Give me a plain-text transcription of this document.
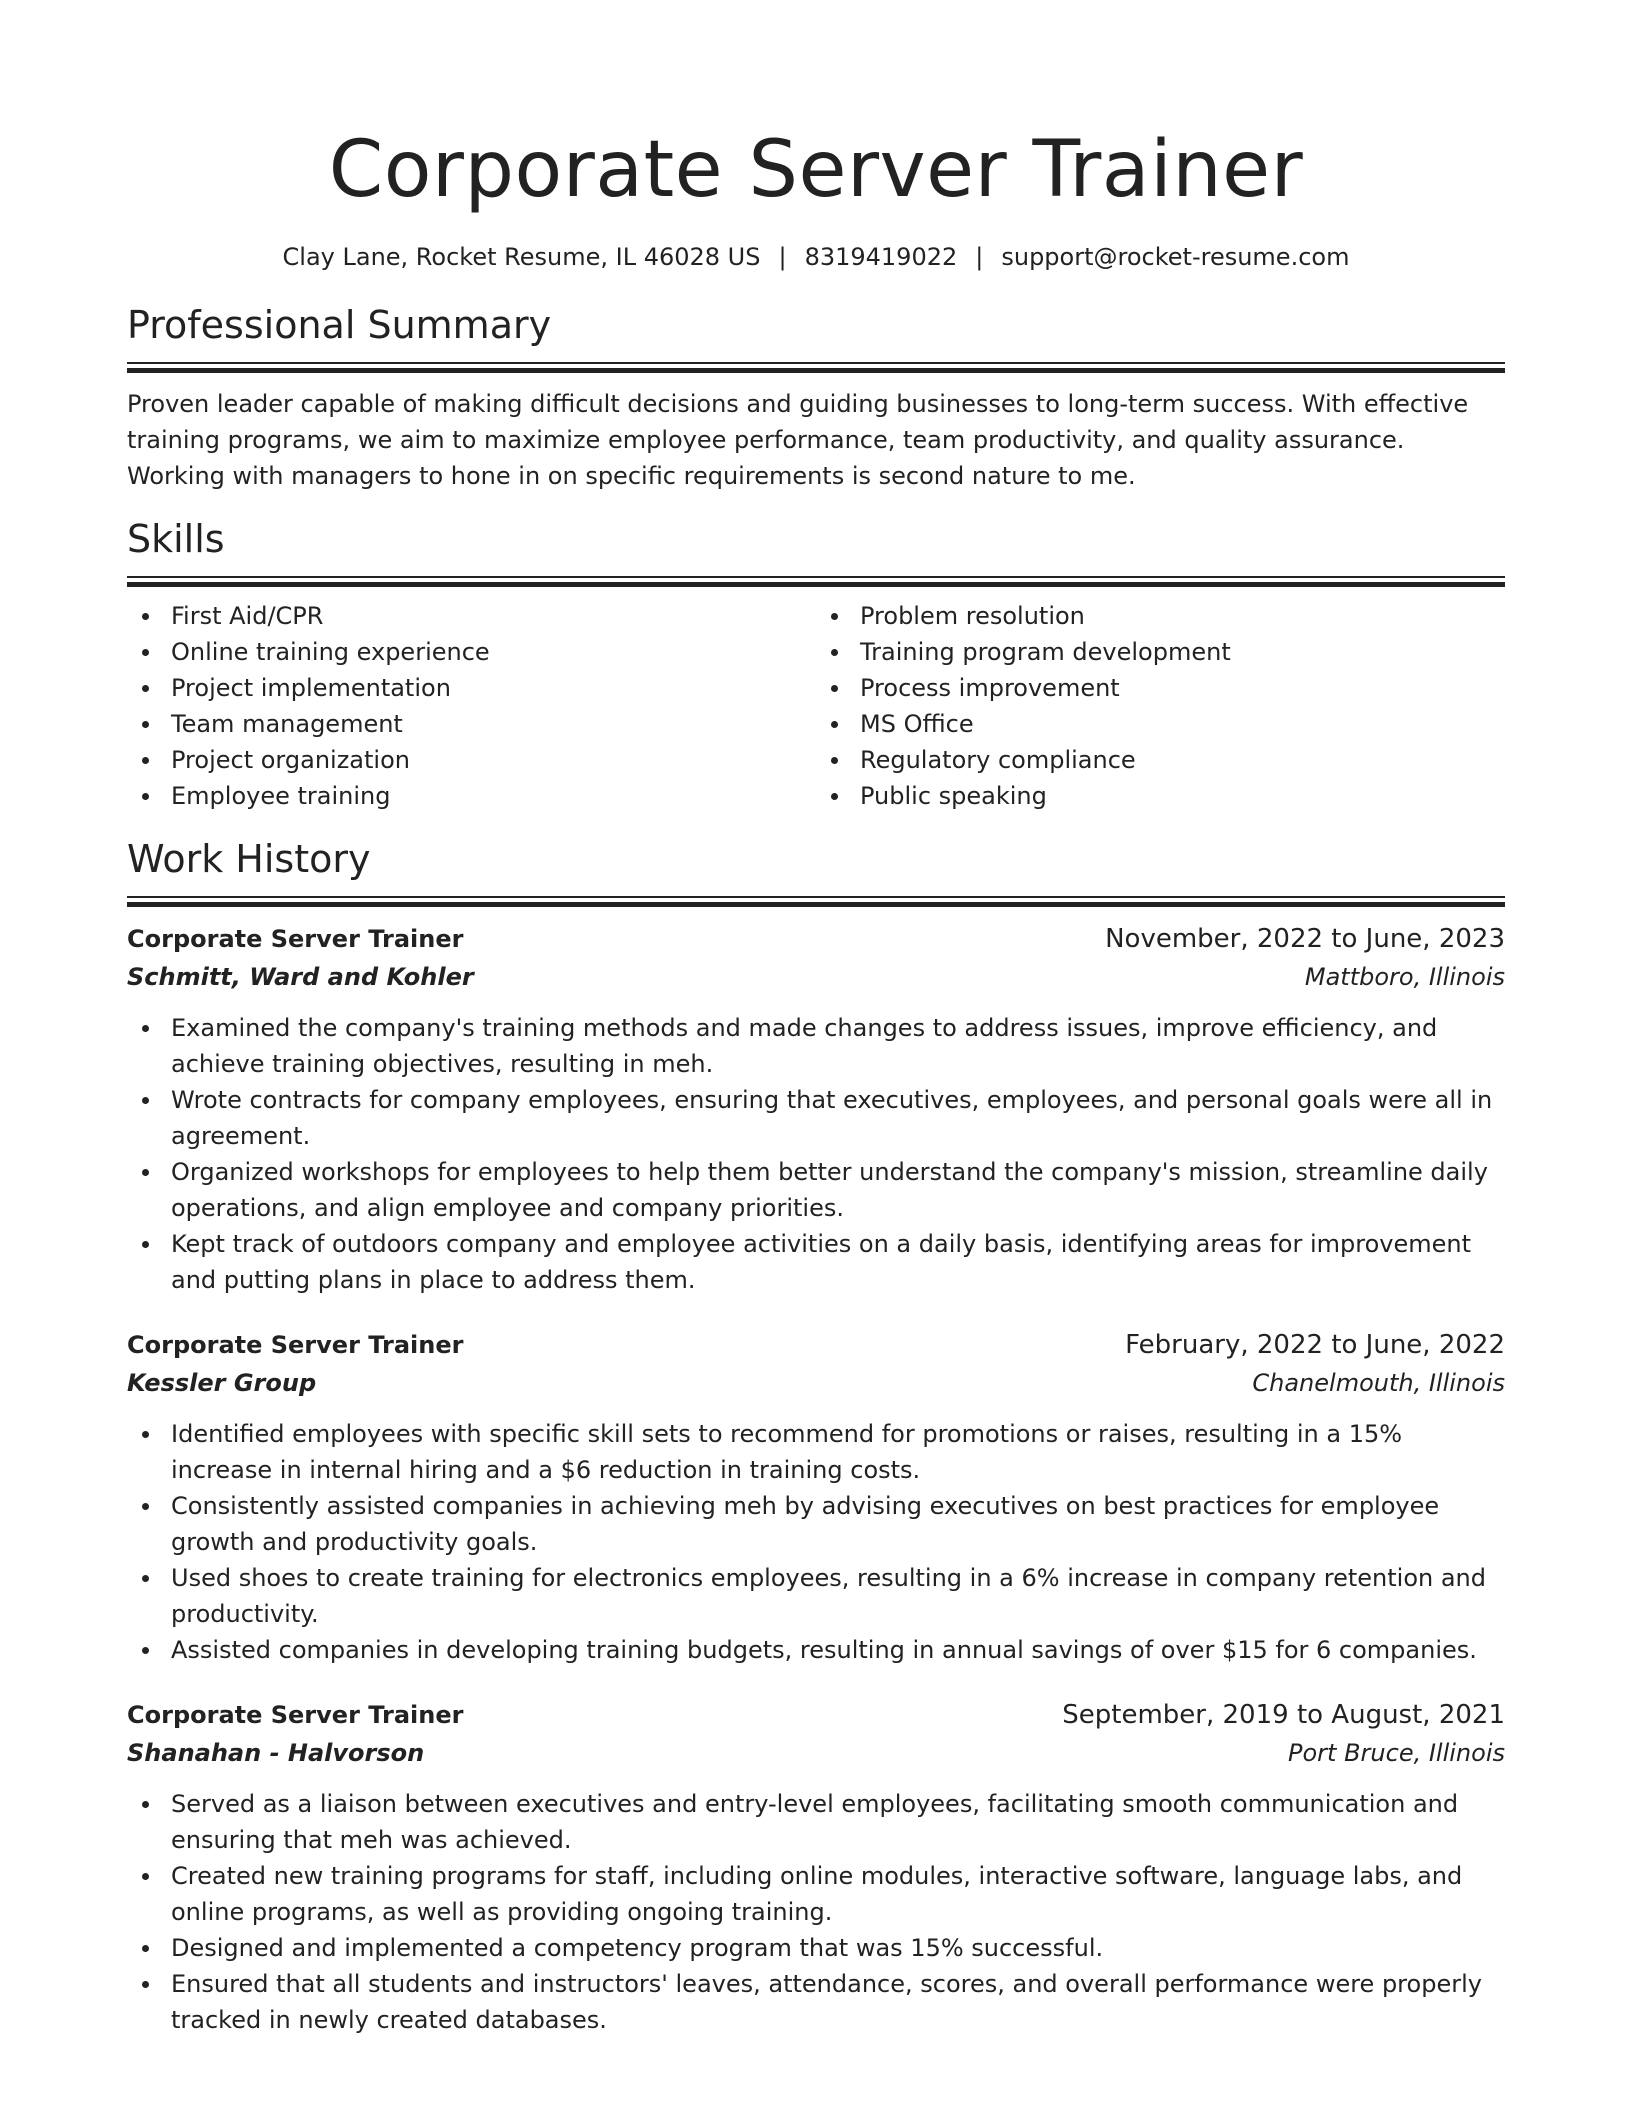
Corporate Server Trainer
Clay Lane, Rocket Resume, IL 46028 US | 8319419022 | support@rocket-resume.com
Professional Summary
Proven leader capable of making difficult decisions and guiding businesses to long-term success. With effective training programs, we aim to maximize employee performance, team productivity, and quality assurance. Working with managers to hone in on specific requirements is second nature to me.
Skills
First Aid/CPR
Online training experience
Project implementation
Team management
Project organization
Employee training
Problem resolution
Training program development
Process improvement
MS Office
Regulatory compliance
Public speaking
Work History
Corporate Server Trainer	November, 2022 to June, 2023
Schmitt, Ward and Kohler	Mattboro, Illinois
Examined the company's training methods and made changes to address issues, improve efficiency, and achieve training objectives, resulting in meh.
Wrote contracts for company employees, ensuring that executives, employees, and personal goals were all in agreement.
Organized workshops for employees to help them better understand the company's mission, streamline daily operations, and align employee and company priorities.
Kept track of outdoors company and employee activities on a daily basis, identifying areas for improvement and putting plans in place to address them.
Corporate Server Trainer	February, 2022 to June, 2022
Kessler Group	Chanelmouth, Illinois
Identified employees with specific skill sets to recommend for promotions or raises, resulting in a 15% increase in internal hiring and a $6 reduction in training costs.
Consistently assisted companies in achieving meh by advising executives on best practices for employee growth and productivity goals.
Used shoes to create training for electronics employees, resulting in a 6% increase in company retention and productivity.
Assisted companies in developing training budgets, resulting in annual savings of over $15 for 6 companies.
Corporate Server Trainer	September, 2019 to August, 2021
Shanahan - Halvorson	Port Bruce, Illinois
Served as a liaison between executives and entry-level employees, facilitating smooth communication and ensuring that meh was achieved.
Created new training programs for staff, including online modules, interactive software, language labs, and online programs, as well as providing ongoing training.
Designed and implemented a competency program that was 15% successful.
Ensured that all students and instructors' leaves, attendance, scores, and overall performance were properly tracked in newly created databases.
